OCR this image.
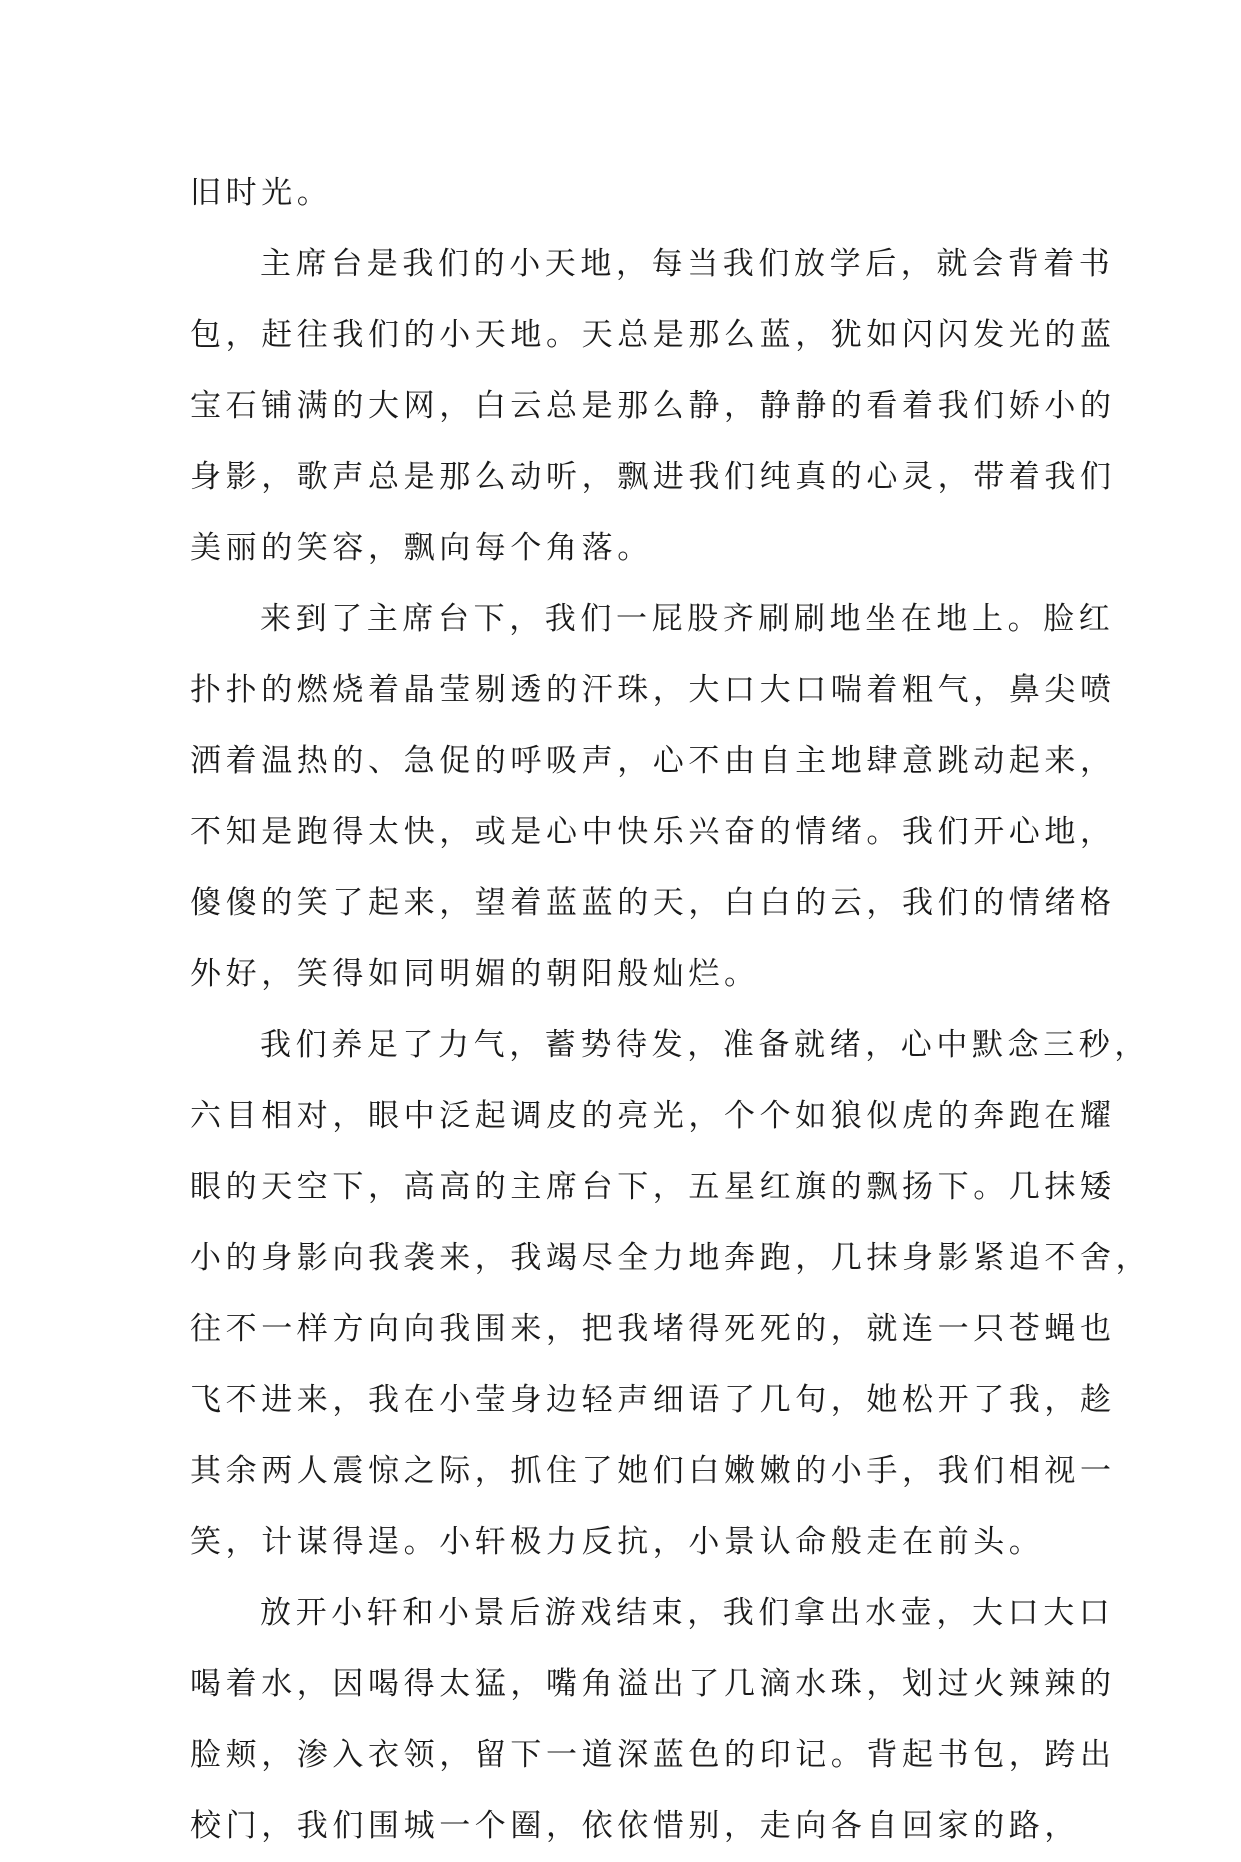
旧时光。
主席台是我们的小天地，每当我们放学后，就会背着书
包，赶往我们的小天地。天总是那么蓝，犹如闪闪发光的蓝
宝石铺满的大网，白云总是那么静，静静的看着我们娇小的
身影，歌声总是那么动听，飘进我们纯真的心灵，带着我们
美丽的笑容，飘向每个角落。
来到了主席台下，我们一屁股齐刷刷地坐在地上。脸红
扑扑的燃烧着晶莹剔透的汗珠，大口大口喘着粗气，鼻尖喷
洒着温热的、急促的呼吸声，心不由自主地肆意跳动起来，
不知是跑得太快，或是心中快乐兴奋的情绪。我们开心地，
傻傻的笑了起来，望着蓝蓝的天，白白的云，我们的情绪格
外好，笑得如同明媚的朝阳般灿烂。
我们养足了力气，蓄势待发，准备就绪，心中默念三秒，
六目相对，眼中泛起调皮的亮光，个个如狼似虎的奔跑在耀
眼的天空下，高高的主席台下，五星红旗的飘扬下。几抹矮
小的身影向我袭来，我竭尽全力地奔跑，几抹身影紧追不舍，
往不一样方向向我围来，把我堵得死死的，就连一只苍蝇也
飞不进来，我在小莹身边轻声细语了几句，她松开了我，趁
其余两人震惊之际，抓住了她们白嫩嫩的小手，我们相视一
笑，计谋得逞。小轩极力反抗，小景认命般走在前头。
放开小轩和小景后游戏结束，我们拿出水壶，大口大口
喝着水，因喝得太猛，嘴角溢出了几滴水珠，划过火辣辣的
脸颊，渗入衣领，留下一道深蓝色的印记。背起书包，跨出
校门，我们围城一个圈，依依惜别，走向各自回家的路，
